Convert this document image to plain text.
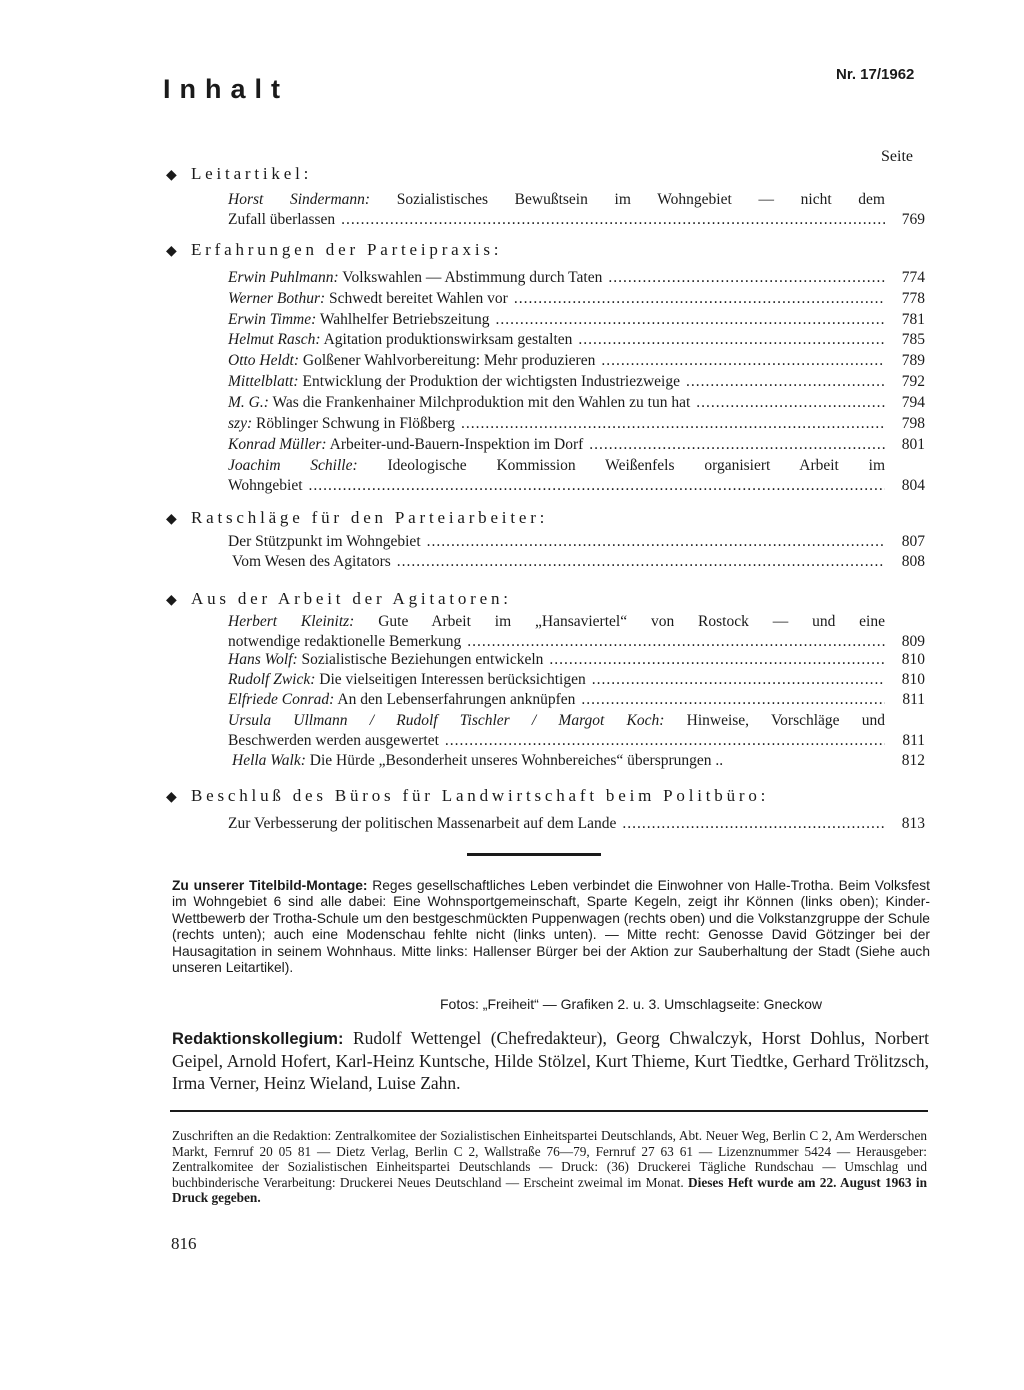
Inhalt	Nr. 17/1962
Seite
◆ Leitartikel:
Horst Sindermann: Sozialistisches Bewußtsein im Wohngebiet — nicht dem
Zufall überlassen .....	769
◆ Erfahrungen der Parteipraxis:
Erwin Puhlmann: Volkswahlen — Abstimmung durch Taten .....	774
Werner Bothur: Schwedt bereitet Wahlen vor .....	778
Erwin Timme: Wahlhelfer Betriebszeitung .....	781
Helmut Rasch: Agitation produktionswirksam gestalten .....	785
Otto Heldt: Golßener Wahlvorbereitung: Mehr produzieren .....	789
Mittelblatt: Entwicklung der Produktion der wichtigsten Industriezweige .....	792
M. G.: Was die Frankenhainer Milchproduktion mit den Wahlen zu tun hat .....	794
szy: Röblinger Schwung in Flößberg .....	798
Konrad Müller: Arbeiter-und-Bauern-Inspektion im Dorf .....	801
Joachim Schille: Ideologische Kommission Weißenfels organisiert Arbeit im
Wohngebiet .....	804
◆ Ratschläge für den Parteiarbeiter:
Der Stützpunkt im Wohngebiet .....	807
Vom Wesen des Agitators .....	808
◆ Aus der Arbeit der Agitatoren:
Herbert Kleinitz: Gute Arbeit im „Hansaviertel“ von Rostock — und eine
notwendige redaktionelle Bemerkung .....	809
Hans Wolf: Sozialistische Beziehungen entwickeln .....	810
Rudolf Zwick: Die vielseitigen Interessen berücksichtigen .....	810
Elfriede Conrad: An den Lebenserfahrungen anknüpfen .....	811
Ursula Ullmann / Rudolf Tischler / Margot Koch: Hinweise, Vorschläge und
Beschwerden werden ausgewertet .....	811
Hella Walk: Die Hürde „Besonderheit unseres Wohnbereiches“ übersprungen ..	812
◆ Beschluß des Büros für Landwirtschaft beim Politbüro:
Zur Verbesserung der politischen Massenarbeit auf dem Lande .....	813
Zu unserer Titelbild-Montage: Reges gesellschaftliches Leben verbindet die Einwohner von Halle-Trotha. Beim Volksfest im Wohngebiet 6 sind alle dabei: Eine Wohnsportgemeinschaft, Sparte Kegeln, zeigt ihr Können (links oben); Kinder-Wettbewerb der Trotha-Schule um den bestgeschmückten Puppenwagen (rechts oben) und die Volkstanzgruppe der Schule (rechts unten); auch eine Modenschau fehlte nicht (links unten). — Mitte recht: Genosse David Götzinger bei der Hausagitation in seinem Wohnhaus. Mitte links: Hallenser Bürger bei der Aktion zur Sauberhaltung der Stadt (Siehe auch unseren Leitartikel).
Fotos: „Freiheit“ — Grafiken 2. u. 3. Umschlagseite: Gneckow
Redaktionskollegium: Rudolf Wettengel (Chefredakteur), Georg Chwalczyk, Horst Dohlus, Norbert Geipel, Arnold Hofert, Karl-Heinz Kuntsche, Hilde Stölzel, Kurt Thieme, Kurt Tiedtke, Gerhard Trölitzsch, Irma Verner, Heinz Wieland, Luise Zahn.
Zuschriften an die Redaktion: Zentralkomitee der Sozialistischen Einheitspartei Deutschlands, Abt. Neuer Weg, Berlin C 2, Am Werderschen Markt, Fernruf 20 05 81 — Dietz Verlag, Berlin C 2, Wallstraße 76—79, Fernruf 27 63 61 — Lizenznummer 5424 — Herausgeber: Zentralkomitee der Sozialistischen Einheitspartei Deutschlands — Druck: (36) Druckerei Tägliche Rundschau — Umschlag und buchbinderische Verarbeitung: Druckerei Neues Deutschland — Erscheint zweimal im Monat. Dieses Heft wurde am 22. August 1963 in Druck gegeben.
816
